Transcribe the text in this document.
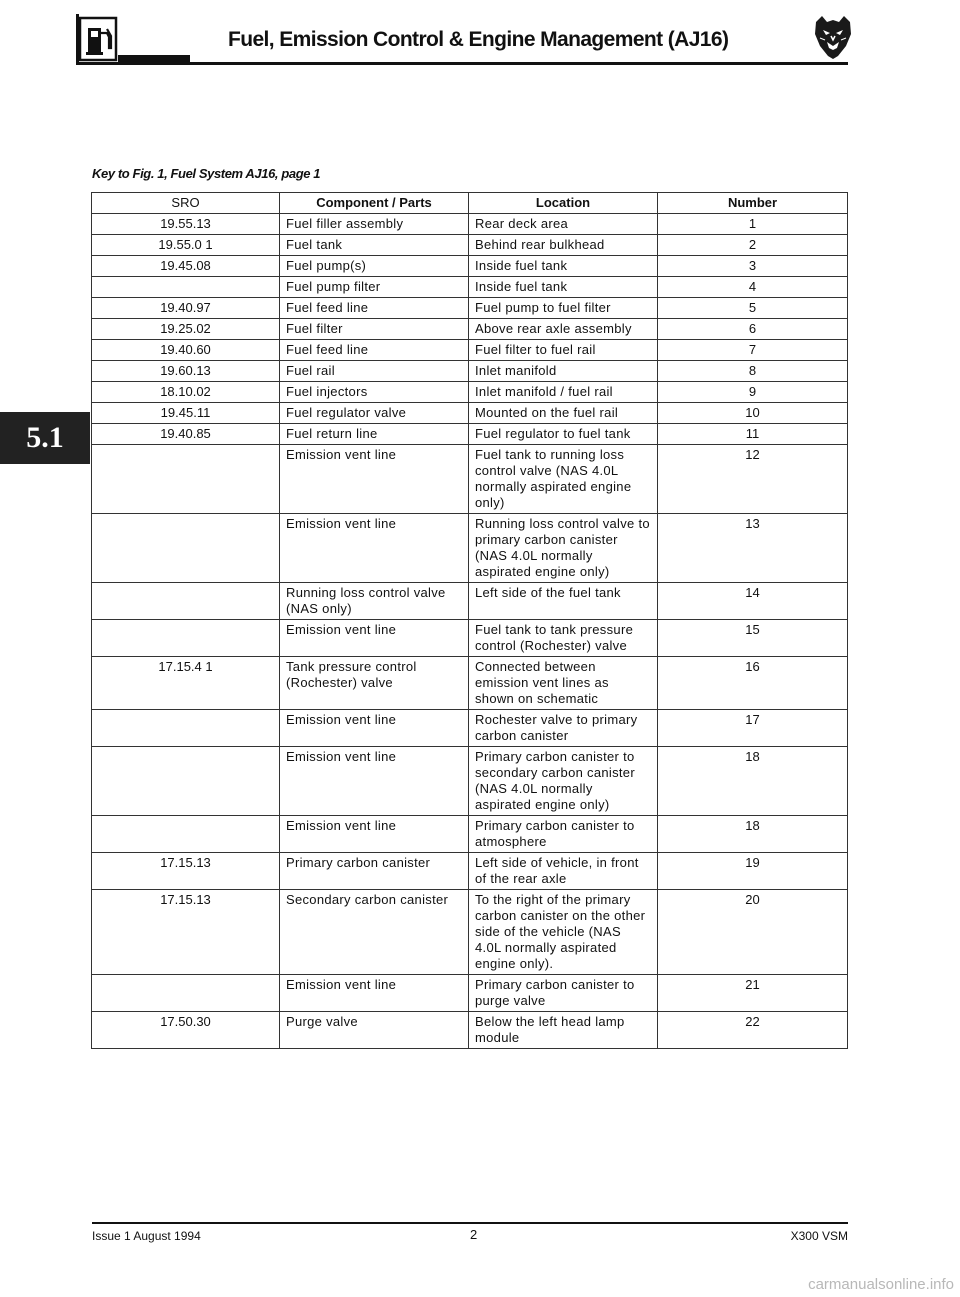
Fuel, Emission Control & Engine Management (AJ16)
5.1
Key to Fig. 1, Fuel System AJ16, page 1
SRO	Component / Parts	Location	Number
19.55.13	Fuel filler assembly	Rear deck area	1
19.55.0 1	Fuel tank	Behind rear bulkhead	2
19.45.08	Fuel pump(s)	Inside fuel tank	3
	Fuel pump filter	Inside fuel tank	4
19.40.97	Fuel feed line	Fuel pump to fuel filter	5
19.25.02	Fuel filter	Above rear axle assembly	6
19.40.60	Fuel feed line	Fuel filter to fuel rail	7
19.60.13	Fuel rail	Inlet manifold	8
18.10.02	Fuel injectors	Inlet manifold / fuel rail	9
19.45.11	Fuel regulator valve	Mounted on the fuel rail	10
19.40.85	Fuel return line	Fuel regulator to fuel tank	11
	Emission vent line	Fuel tank to running loss control valve (NAS 4.0L normally aspirated engine only)	12
	Emission vent line	Running loss control valve to primary carbon canister (NAS 4.0L normally aspirated engine only)	13
	Running loss control valve (NAS only)	Left side of the fuel tank	14
	Emission vent line	Fuel tank to tank pressure control (Rochester) valve	15
17.15.4 1	Tank pressure control (Rochester) valve	Connected between emission vent lines as shown on schematic	16
	Emission vent line	Rochester valve to primary carbon canister	17
	Emission vent line	Primary carbon canister to secondary carbon canister (NAS 4.0L normally aspirated engine only)	18
	Emission vent line	Primary carbon canister to atmosphere	18
17.15.13	Primary carbon canister	Left side of vehicle, in front of the rear axle	19
17.15.13	Secondary carbon canister	To the right of the primary carbon canister on the other side of the vehicle (NAS 4.0L normally aspirated engine only).	20
	Emission vent line	Primary carbon canister to purge valve	21
17.50.30	Purge valve	Below the left head lamp module	22
Issue 1 August 1994	2	X300 VSM
carmanualsonline.info
